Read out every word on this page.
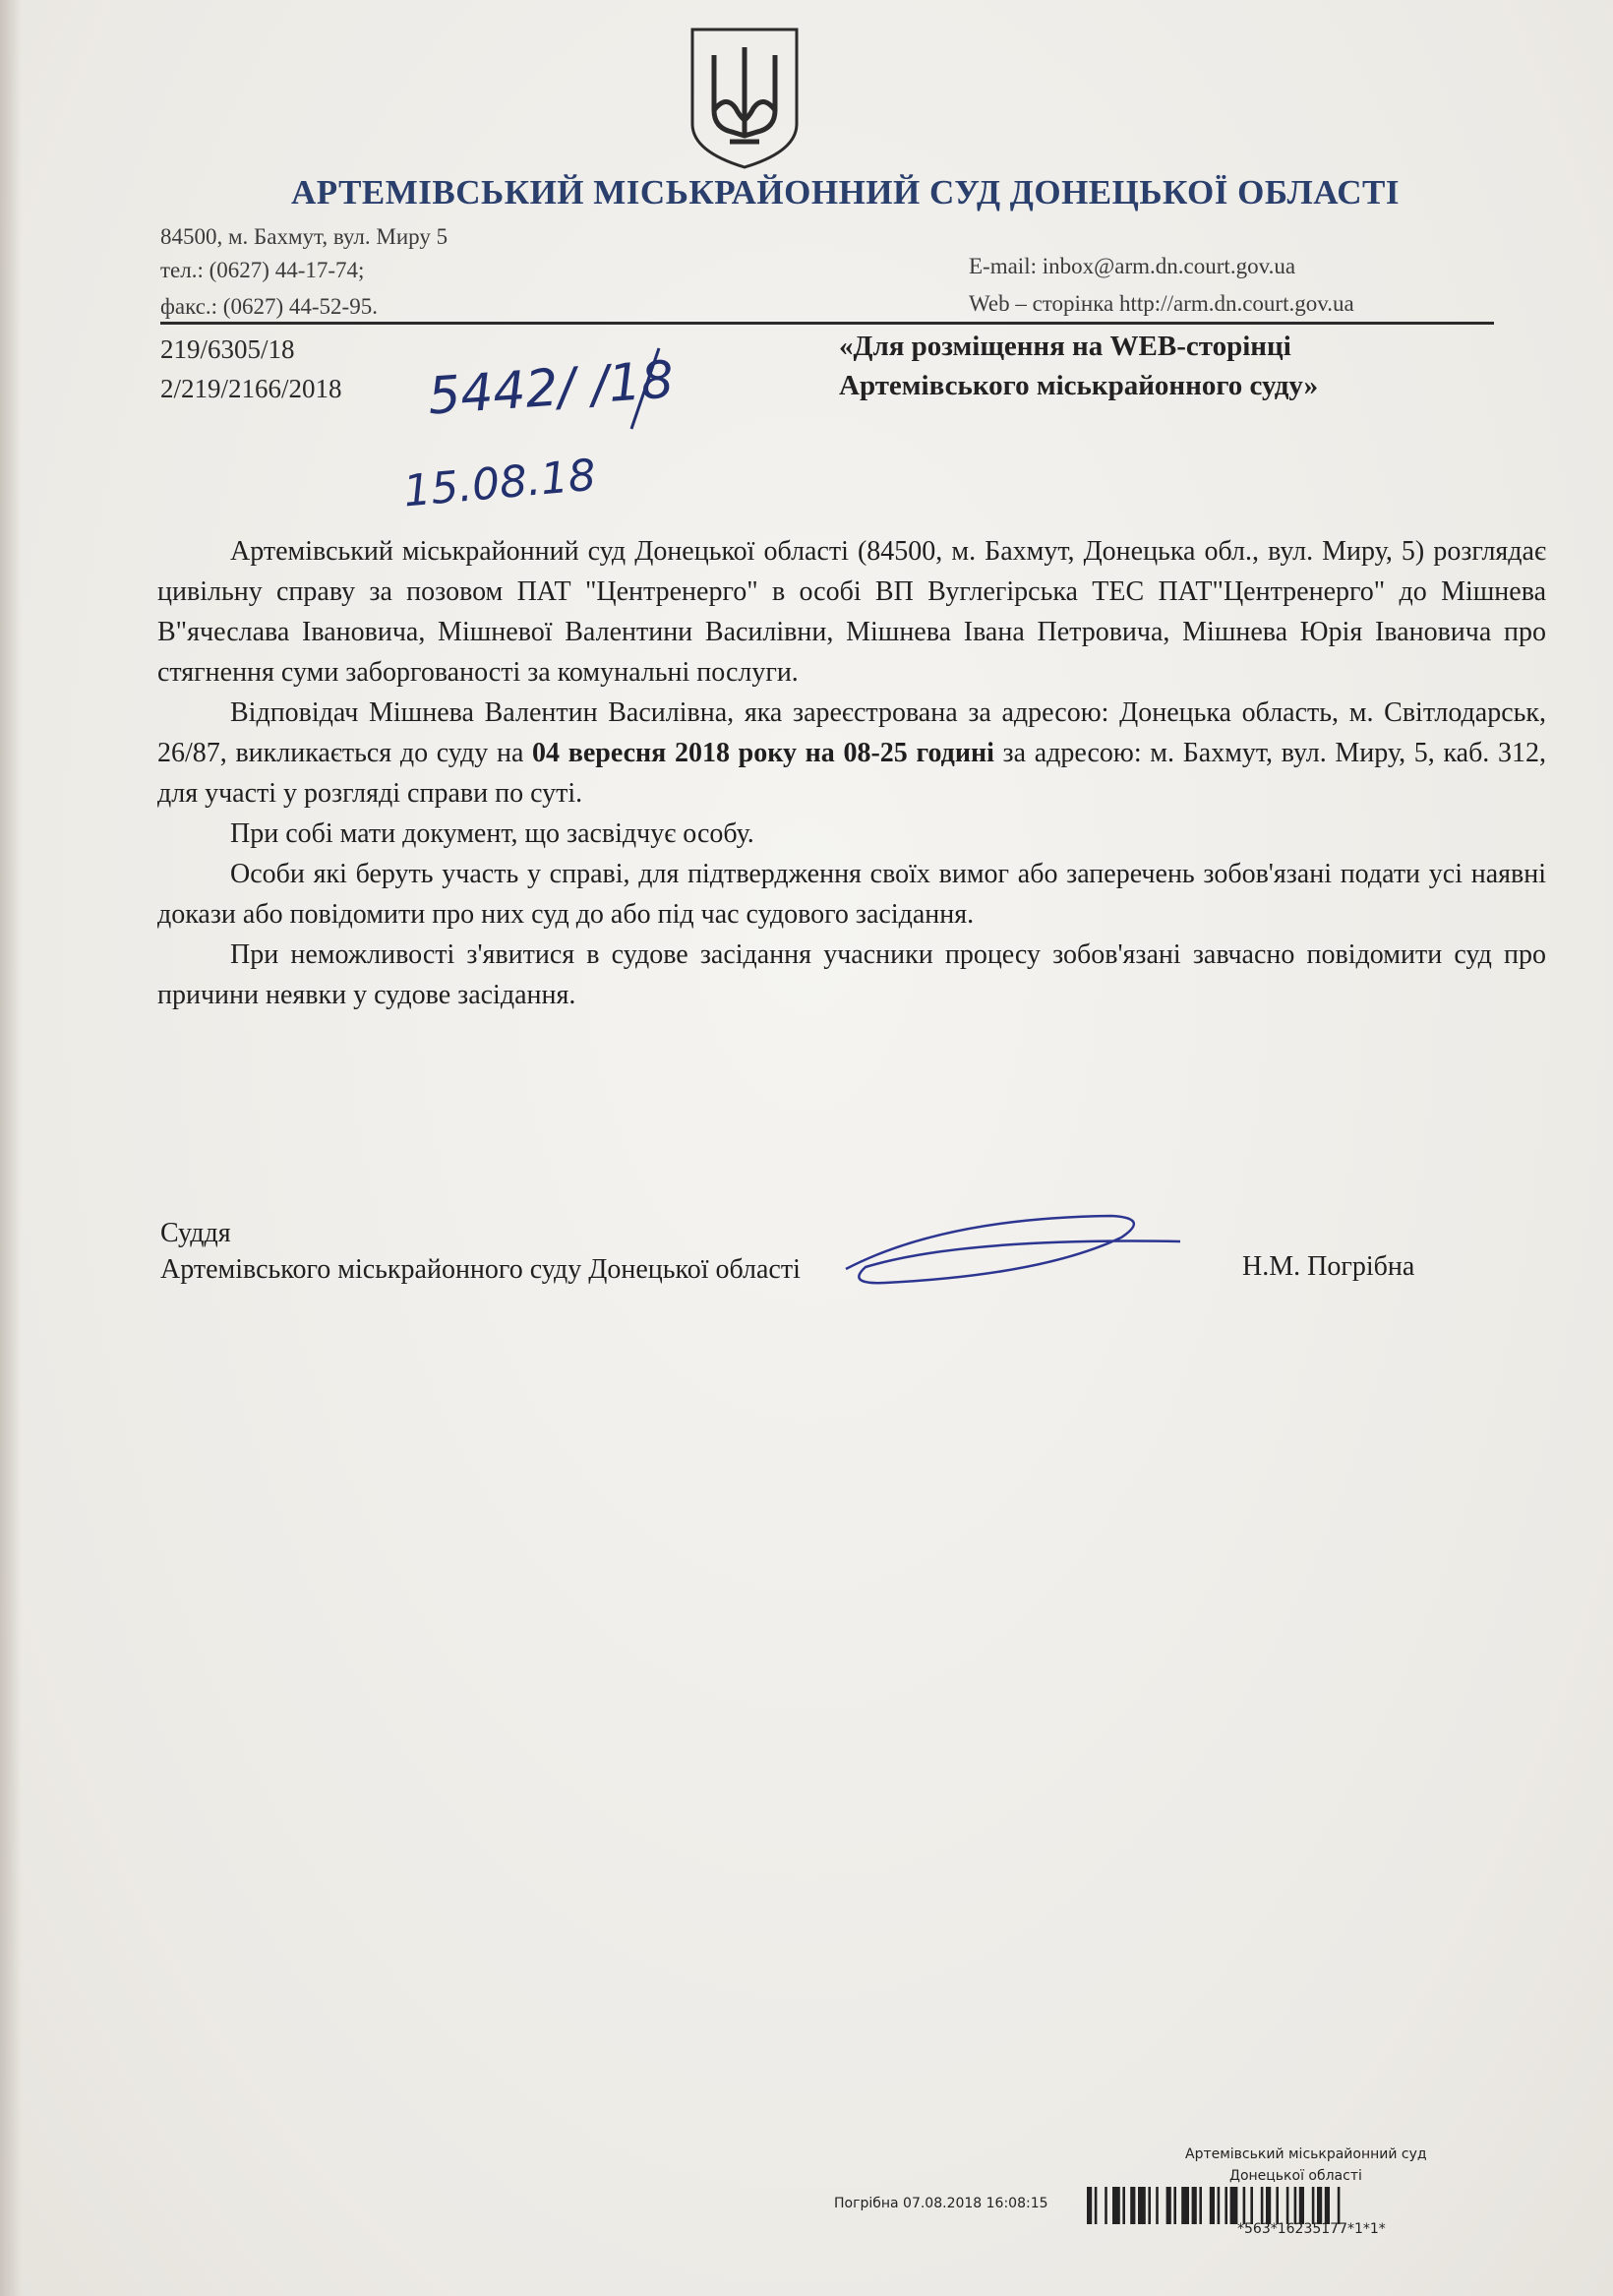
АРТЕМІВСЬКИЙ МІСЬКРАЙОННИЙ СУД ДОНЕЦЬКОЇ ОБЛАСТІ
84500, м. Бахмут, вул. Миру 5
тел.: (0627) 44-17-74;
факс.: (0627) 44-52-95.
E-mail: inbox@arm.dn.court.gov.ua
Web – сторінка http://arm.dn.court.gov.ua
219/6305/18
2/219/2166/2018 5442/ /18
15.08.18
«Для розміщення на WEB-сторінці
Артемівського міськрайонного суду»

Артемівський міськрайонний суд Донецької області (84500, м. Бахмут, Донецька обл., вул. Миру, 5) розглядає цивільну справу за позовом ПАТ "Центренерго" в особі ВП Вуглегірська ТЕС ПАТ"Центренерго" до Мішнева В"ячеслава Івановича, Мішневої Валентини Василівни, Мішнева Івана Петровича, Мішнева Юрія Івановича про стягнення суми заборгованості за комунальні послуги.

Відповідач Мішнева Валентин Василівна, яка зареєстрована за адресою: Донецька область, м. Світлодарськ, 26/87, викликається до суду на 04 вересня 2018 року на 08-25 годині за адресою: м. Бахмут, вул. Миру, 5, каб. 312, для участі у розгляді справи по суті.

При собі мати документ, що засвідчує особу.

Особи які беруть участь у справі, для підтвердження своїх вимог або заперечень зобов'язані подати усі наявні докази або повідомити про них суд до або під час судового засідання.

При неможливості з'явитися в судове засідання учасники процесу зобов'язані завчасно повідомити суд про причини неявки у судове засідання.

Суддя
Артемівського міськрайонного суду Донецької області	Н.М. Погрібна
Артемівський міськрайонний суд
Донецької області
Погрібна 07.08.2018 16:08:15
*563*16235177*1*1*
